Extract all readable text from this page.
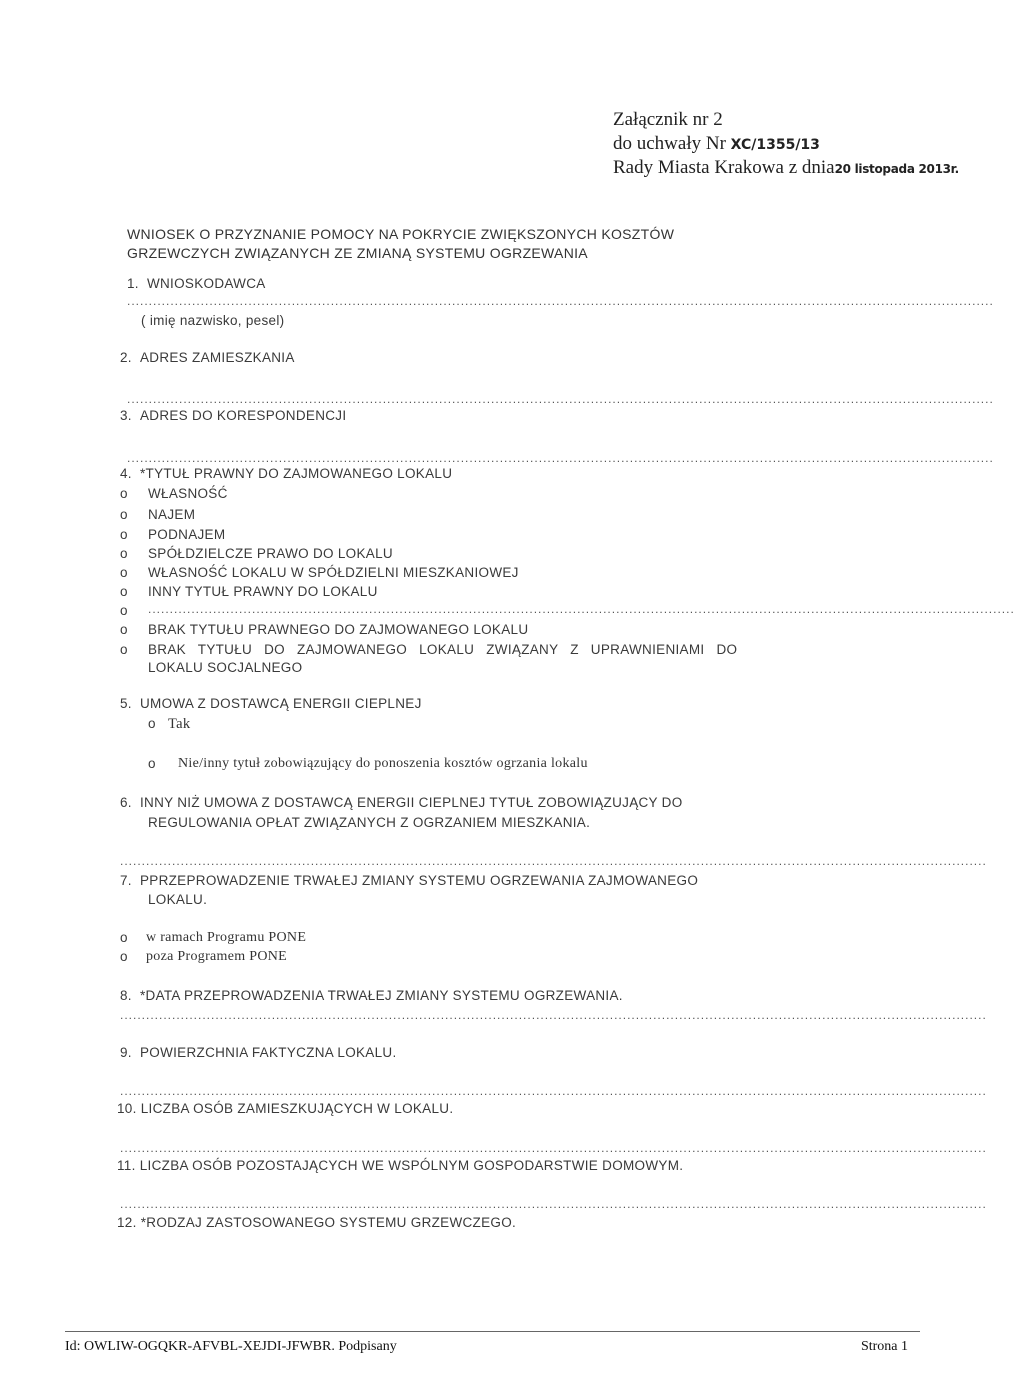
Załącznik nr 2
do uchwały Nr XC/1355/13
Rady Miasta Krakowa z dnia20 listopada 2013r.
WNIOSEK O PRZYZNANIE POMOCY NA POKRYCIE ZWIĘKSZONYCH KOSZTÓW
GRZEWCZYCH ZWIĄZANYCH ZE ZMIANĄ SYSTEMU OGRZEWANIA
1. WNIOSKODAWCA
........................................................................................................................................................................................................
( imię nazwisko, pesel)
2. ADRES ZAMIESZKANIA
........................................................................................................................................................................................................
3. ADRES DO KORESPONDENCJI
........................................................................................................................................................................................................
4. *TYTUŁ PRAWNY DO ZAJMOWANEGO LOKALU
o WŁASNOŚĆ
o NAJEM
o PODNAJEM
o SPÓŁDZIELCZE PRAWO DO LOKALU
o WŁASNOŚĆ LOKALU W SPÓŁDZIELNI MIESZKANIOWEJ
o INNY TYTUŁ PRAWNY DO LOKALU
o ........................................................................................................................................................................................................
o BRAK TYTUŁU PRAWNEGO DO ZAJMOWANEGO LOKALU
o BRAK TYTUŁU DO ZAJMOWANEGO LOKALU ZWIĄZANY Z UPRAWNIENIAMI DO
LOKALU SOCJALNEGO
5. UMOWA Z DOSTAWCĄ ENERGII CIEPLNEJ
o Tak
o Nie/inny tytuł zobowiązujący do ponoszenia kosztów ogrzania lokalu
6. INNY NIŻ UMOWA Z DOSTAWCĄ ENERGII CIEPLNEJ TYTUŁ ZOBOWIĄZUJĄCY DO
REGULOWANIA OPŁAT ZWIĄZANYCH Z OGRZANIEM MIESZKANIA.
........................................................................................................................................................................................................
7. PPRZEPROWADZENIE TRWAŁEJ ZMIANY SYSTEMU OGRZEWANIA ZAJMOWANEGO
LOKALU.
o w ramach Programu PONE
o poza Programem PONE
8. *DATA PRZEPROWADZENIA TRWAŁEJ ZMIANY SYSTEMU OGRZEWANIA.
........................................................................................................................................................................................................
9. POWIERZCHNIA FAKTYCZNA LOKALU.
........................................................................................................................................................................................................
10. LICZBA OSÓB ZAMIESZKUJĄCYCH W LOKALU.
........................................................................................................................................................................................................
11. LICZBA OSÓB POZOSTAJĄCYCH WE WSPÓLNYM GOSPODARSTWIE DOMOWYM.
........................................................................................................................................................................................................
12. *RODZAJ ZASTOSOWANEGO SYSTEMU GRZEWCZEGO.
Id: OWLIW-OGQKR-AFVBL-XEJDI-JFWBR. Podpisany	Strona 1
